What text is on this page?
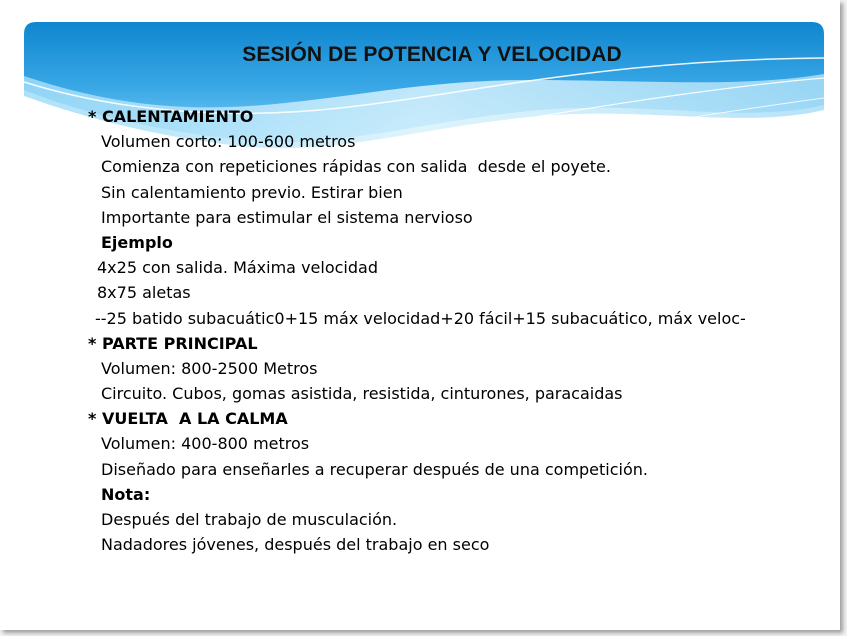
SESIÓN DE POTENCIA Y VELOCIDAD
* CALENTAMIENTO
Volumen corto: 100-600 metros
Comienza con repeticiones rápidas con salida  desde el poyete.
Sin calentamiento previo. Estirar bien
Importante para estimular el sistema nervioso
Ejemplo
4x25 con salida. Máxima velocidad
8x75 aletas
--25 batido subacuátic0+15 máx velocidad+20 fácil+15 subacuático, máx veloc-
* PARTE PRINCIPAL
Volumen: 800-2500 Metros
Circuito. Cubos, gomas asistida, resistida, cinturones, paracaidas
* VUELTA  A LA CALMA
Volumen: 400-800 metros
Diseñado para enseñarles a recuperar después de una competición.
Nota:
Después del trabajo de musculación.
Nadadores jóvenes, después del trabajo en seco
